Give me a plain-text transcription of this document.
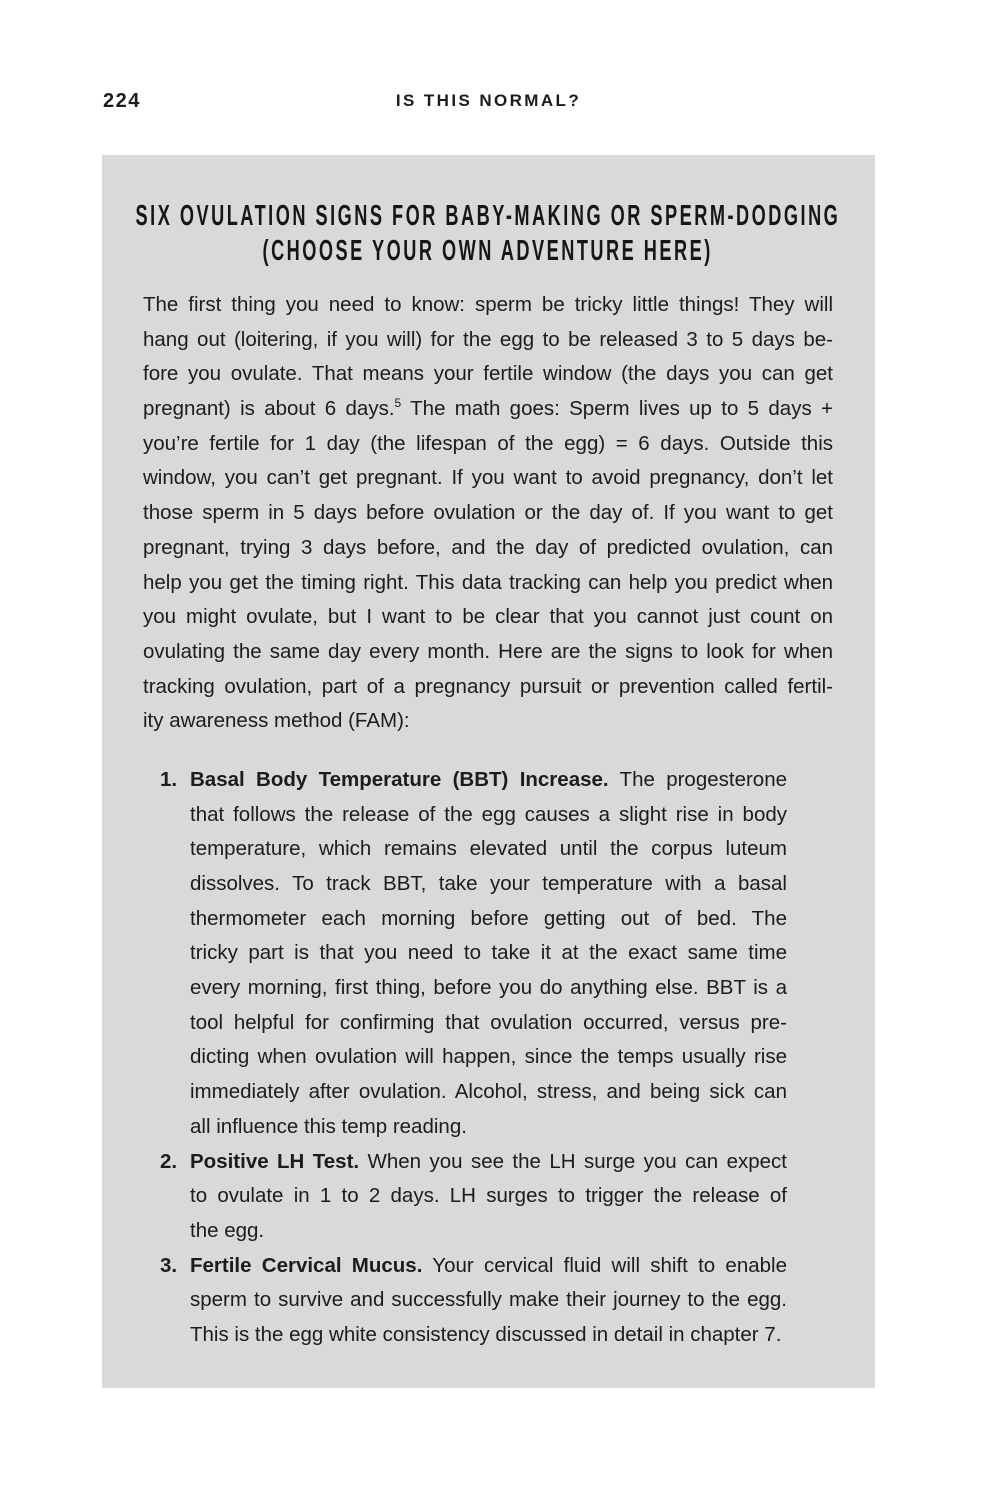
224	IS THIS NORMAL?
SIX OVULATION SIGNS FOR BABY-MAKING OR SPERM-DODGING
(CHOOSE YOUR OWN ADVENTURE HERE)
The first thing you need to know: sperm be tricky little things! They will
hang out (loitering, if you will) for the egg to be released 3 to 5 days be-
fore you ovulate. That means your fertile window (the days you can get
pregnant) is about 6 days.$^5$ The math goes: Sperm lives up to 5 days +
you’re fertile for 1 day (the lifespan of the egg) = 6 days. Outside this
window, you can’t get pregnant. If you want to avoid pregnancy, don’t let
those sperm in 5 days before ovulation or the day of. If you want to get
pregnant, trying 3 days before, and the day of predicted ovulation, can
help you get the timing right. This data tracking can help you predict when
you might ovulate, but I want to be clear that you cannot just count on
ovulating the same day every month. Here are the signs to look for when
tracking ovulation, part of a pregnancy pursuit or prevention called fertil-
ity awareness method (FAM):
1. Basal Body Temperature (BBT) Increase. The progesterone
that follows the release of the egg causes a slight rise in body
temperature, which remains elevated until the corpus luteum
dissolves. To track BBT, take your temperature with a basal
thermometer each morning before getting out of bed. The
tricky part is that you need to take it at the exact same time
every morning, first thing, before you do anything else. BBT is a
tool helpful for confirming that ovulation occurred, versus pre-
dicting when ovulation will happen, since the temps usually rise
immediately after ovulation. Alcohol, stress, and being sick can
all influence this temp reading.
2. Positive LH Test. When you see the LH surge you can expect
to ovulate in 1 to 2 days. LH surges to trigger the release of
the egg.
3. Fertile Cervical Mucus. Your cervical fluid will shift to enable
sperm to survive and successfully make their journey to the egg.
This is the egg white consistency discussed in detail in chapter 7.
